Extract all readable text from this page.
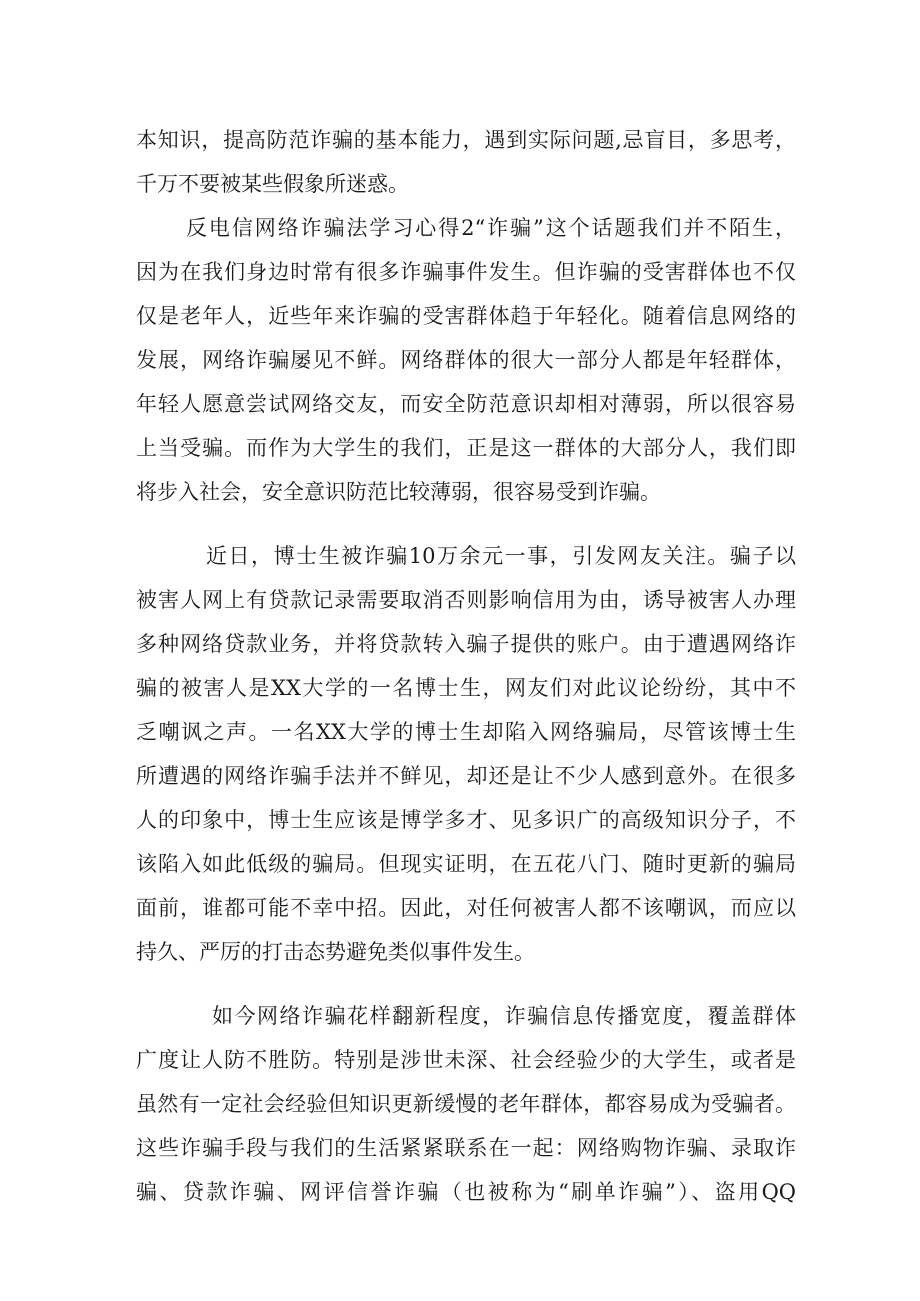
本知识，提高防范诈骗的基本能力，遇到实际问题,忌盲目，多思考，
千万不要被某些假象所迷惑。
反电信网络诈骗法学习心得2“诈骗”这个话题我们并不陌生，
因为在我们身边时常有很多诈骗事件发生。但诈骗的受害群体也不仅
仅是老年人，近些年来诈骗的受害群体趋于年轻化。随着信息网络的
发展，网络诈骗屡见不鲜。网络群体的很大一部分人都是年轻群体，
年轻人愿意尝试网络交友，而安全防范意识却相对薄弱，所以很容易
上当受骗。而作为大学生的我们，正是这一群体的大部分人，我们即
将步入社会，安全意识防范比较薄弱，很容易受到诈骗。
近日，博士生被诈骗10万余元一事，引发网友关注。骗子以
被害人网上有贷款记录需要取消否则影响信用为由，诱导被害人办理
多种网络贷款业务，并将贷款转入骗子提供的账户。由于遭遇网络诈
骗的被害人是XX大学的一名博士生，网友们对此议论纷纷，其中不
乏嘲讽之声。一名XX大学的博士生却陷入网络骗局，尽管该博士生
所遭遇的网络诈骗手法并不鲜见，却还是让不少人感到意外。在很多
人的印象中，博士生应该是博学多才、见多识广的高级知识分子，不
该陷入如此低级的骗局。但现实证明，在五花八门、随时更新的骗局
面前，谁都可能不幸中招。因此，对任何被害人都不该嘲讽，而应以
持久、严厉的打击态势避免类似事件发生。
如今网络诈骗花样翻新程度，诈骗信息传播宽度，覆盖群体
广度让人防不胜防。特别是涉世未深、社会经验少的大学生，或者是
虽然有一定社会经验但知识更新缓慢的老年群体，都容易成为受骗者。
这些诈骗手段与我们的生活紧紧联系在一起：网络购物诈骗、录取诈
骗、贷款诈骗、网评信誉诈骗（也被称为“刷单诈骗”）、盗用QQ
